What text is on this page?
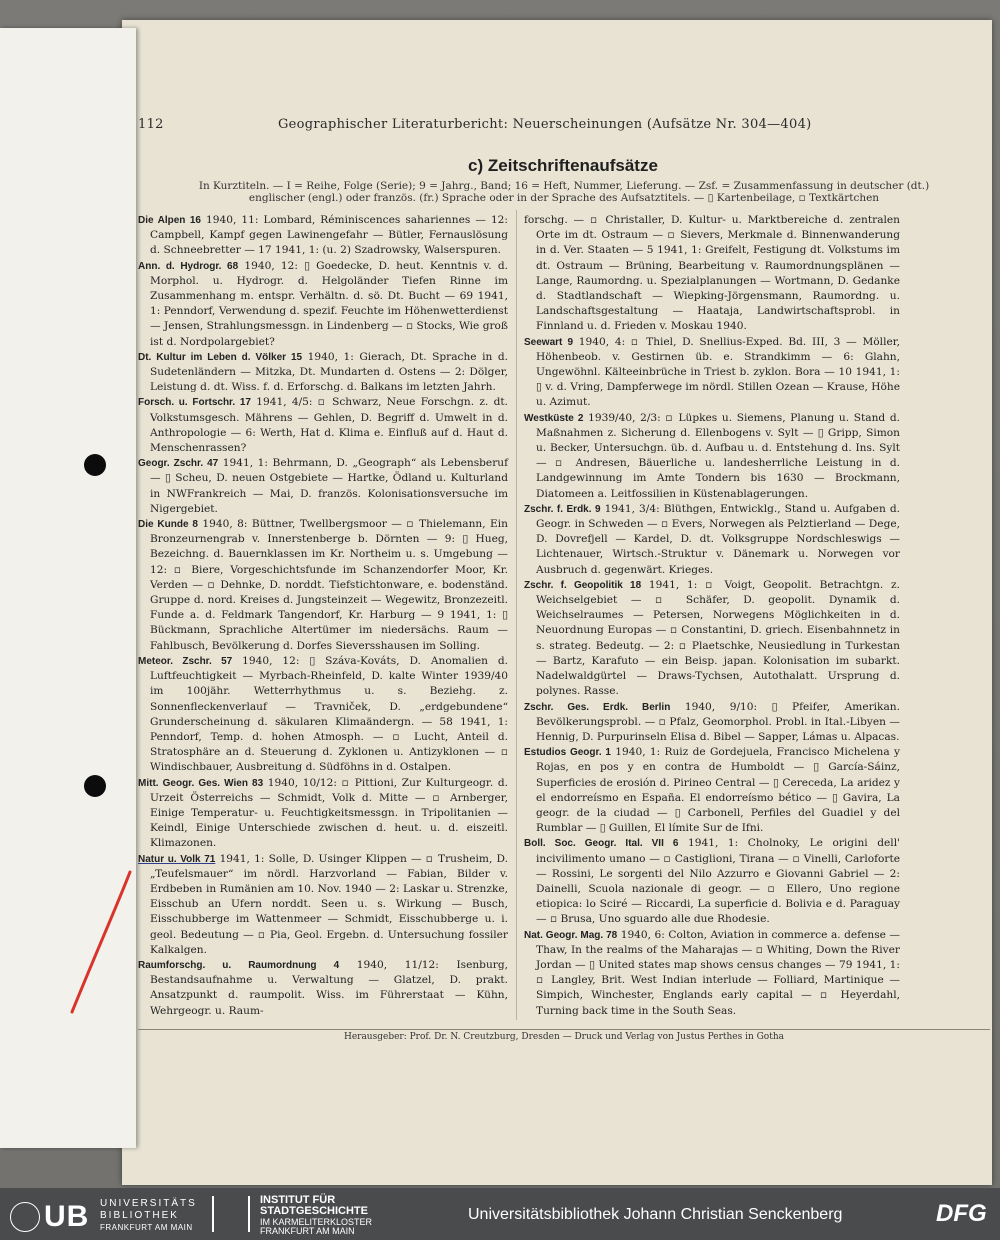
112	Geographischer Literaturbericht: Neuerscheinungen (Aufsätze Nr. 304—404)
c) Zeitschriftenaufsätze
In Kurztiteln. — I = Reihe, Folge (Serie); 9 = Jahrg., Band; 16 = Heft, Nummer, Lieferung. — Zsf. = Zusammenfassung in deutscher (dt.)
englischer (engl.) oder französ. (fr.) Sprache oder in der Sprache des Aufsatztitels. — ▯ Kartenbeilage, ▫ Textkärtchen

Die Alpen 16 1940, 11: Lombard, Réminiscences sahariennes — 12: Campbell, Kampf gegen Lawinengefahr — Bütler, Fernauslösung d. Schneebretter — 17 1941, 1: (u. 2) Szadrowsky, Walserspuren.

Ann. d. Hydrogr. 68 1940, 12: ▯ Goedecke, D. heut. Kenntnis v. d. Morphol. u. Hydrogr. d. Helgoländer Tiefen Rinne im Zusammenhang m. entspr. Verhältn. d. sö. Dt. Bucht — 69 1941, 1: Penndorf, Verwendung d. spezif. Feuchte im Höhenwetterdienst — Jensen, Strahlungsmessgn. in Lindenberg — ▫ Stocks, Wie groß ist d. Nordpolargebiet?

Dt. Kultur im Leben d. Völker 15 1940, 1: Gierach, Dt. Sprache in d. Sudetenländern — Mitzka, Dt. Mundarten d. Ostens — 2: Dölger, Leistung d. dt. Wiss. f. d. Erforschg. d. Balkans im letzten Jahrh.

Forsch. u. Fortschr. 17 1941, 4/5: ▫ Schwarz, Neue Forschgn. z. dt. Volkstumsgesch. Mährens — Gehlen, D. Begriff d. Umwelt in d. Anthropologie — 6: Werth, Hat d. Klima e. Einfluß auf d. Haut d. Menschenrassen?

Geogr. Zschr. 47 1941, 1: Behrmann, D. „Geograph“ als Lebensberuf — ▯ Scheu, D. neuen Ostgebiete — Hartke, Ödland u. Kulturland in NWFrankreich — Mai, D. französ. Kolonisationsversuche im Nigergebiet.

Die Kunde 8 1940, 8: Büttner, Twellbergsmoor — ▫ Thielemann, Ein Bronzeurnengrab v. Innerstenberge b. Dörnten — 9: ▯ Hueg, Bezeichng. d. Bauernklassen im Kr. Northeim u. s. Umgebung — 12: ▫ Biere, Vorgeschichtsfunde im Schanzendorfer Moor, Kr. Verden — ▫ Dehnke, D. norddt. Tiefstichtonware, e. bodenständ. Gruppe d. nord. Kreises d. Jungsteinzeit — Wegewitz, Bronzezeitl. Funde a. d. Feldmark Tangendorf, Kr. Harburg — 9 1941, 1: ▯ Bückmann, Sprachliche Altertümer im niedersächs. Raum — Fahlbusch, Bevölkerung d. Dorfes Sieversshausen im Solling.

Meteor. Zschr. 57 1940, 12: ▯ Száva-Kováts, D. Anomalien d. Luftfeuchtigkeit — Myrbach-Rheinfeld, D. kalte Winter 1939/40 im 100jähr. Wetterrhythmus u. s. Beziehg. z. Sonnenfleckenverlauf — Travniček, D. „erdgebundene“ Grunderscheinung d. säkularen Klimaändergn. — 58 1941, 1: Penndorf, Temp. d. hohen Atmosph. — ▫ Lucht, Anteil d. Stratosphäre an d. Steuerung d. Zyklonen u. Antizyklonen — ▫ Windischbauer, Ausbreitung d. Südföhns in d. Ostalpen.

Mitt. Geogr. Ges. Wien 83 1940, 10/12: ▫ Pittioni, Zur Kulturgeogr. d. Urzeit Österreichs — Schmidt, Volk d. Mitte — ▫ Arnberger, Einige Temperatur- u. Feuchtigkeitsmessgn. in Tripolitanien — Keindl, Einige Unterschiede zwischen d. heut. u. d. eiszeitl. Klimazonen.

Natur u. Volk 71 1941, 1: Solle, D. Usinger Klippen — ▫ Trusheim, D. „Teufelsmauer“ im nördl. Harzvorland — Fabian, Bilder v. Erdbeben in Rumänien am 10. Nov. 1940 — 2: Laskar u. Strenzke, Eisschub an Ufern norddt. Seen u. s. Wirkung — Busch, Eisschubberge im Wattenmeer — Schmidt, Eisschubberge u. i. geol. Bedeutung — ▫ Pia, Geol. Ergebn. d. Untersuchung fossiler Kalkalgen.

Raumforschg. u. Raumordnung 4 1940, 11/12: Isenburg, Bestandsaufnahme u. Verwaltung — Glatzel, D. prakt. Ansatzpunkt d. raumpolit. Wiss. im Führerstaat — Kühn, Wehrgeogr. u. Raum-

forschg. — ▫ Christaller, D. Kultur- u. Marktbereiche d. zentralen Orte im dt. Ostraum — ▫ Sievers, Merkmale d. Binnenwanderung in d. Ver. Staaten — 5 1941, 1: Greifelt, Festigung dt. Volkstums im dt. Ostraum — Brüning, Bearbeitung v. Raumordnungsplänen — Lange, Raumordng. u. Spezialplanungen — Wortmann, D. Gedanke d. Stadtlandschaft — Wiepking-Jörgensmann, Raumordng. u. Landschaftsgestaltung — Haataja, Landwirtschaftsprobl. in Finnland u. d. Frieden v. Moskau 1940.

Seewart 9 1940, 4: ▫ Thiel, D. Snellius-Exped. Bd. III, 3 — Möller, Höhenbeob. v. Gestirnen üb. e. Strandkimm — 6: Glahn, Ungewöhnl. Kälteeinbrüche in Triest b. zyklon. Bora — 10 1941, 1: ▯ v. d. Vring, Dampferwege im nördl. Stillen Ozean — Krause, Höhe u. Azimut.

Westküste 2 1939/40, 2/3: ▫ Lüpkes u. Siemens, Planung u. Stand d. Maßnahmen z. Sicherung d. Ellenbogens v. Sylt — ▯ Gripp, Simon u. Becker, Untersuchgn. üb. d. Aufbau u. d. Entstehung d. Ins. Sylt — ▫ Andresen, Bäuerliche u. landesherrliche Leistung in d. Landgewinnung im Amte Tondern bis 1630 — Brockmann, Diatomeen a. Leitfossilien in Küstenablagerungen.

Zschr. f. Erdk. 9 1941, 3/4: Blüthgen, Entwicklg., Stand u. Aufgaben d. Geogr. in Schweden — ▫ Evers, Norwegen als Pelztierland — Dege, D. Dovrefjell — Kardel, D. dt. Volksgruppe Nordschleswigs — Lichtenauer, Wirtsch.-Struktur v. Dänemark u. Norwegen vor Ausbruch d. gegenwärt. Krieges.

Zschr. f. Geopolitik 18 1941, 1: ▫ Voigt, Geopolit. Betrachtgn. z. Weichselgebiet — ▫ Schäfer, D. geopolit. Dynamik d. Weichselraumes — Petersen, Norwegens Möglichkeiten in d. Neuordnung Europas — ▫ Constantini, D. griech. Eisenbahnnetz in s. strateg. Bedeutg. — 2: ▫ Plaetschke, Neusiedlung in Turkestan — Bartz, Karafuto — ein Beisp. japan. Kolonisation im subarkt. Nadelwaldgürtel — Draws-Tychsen, Autothalatt. Ursprung d. polynes. Rasse.

Zschr. Ges. Erdk. Berlin 1940, 9/10: ▯ Pfeifer, Amerikan. Bevölkerungsprobl. — ▫ Pfalz, Geomorphol. Probl. in Ital.-Libyen — Hennig, D. Purpurinseln Elisa d. Bibel — Sapper, Lámas u. Alpacas.

Estudios Geogr. 1 1940, 1: Ruiz de Gordejuela, Francisco Michelena y Rojas, en pos y en contra de Humboldt — ▯ García-Sáinz, Superficies de erosión d. Pirineo Central — ▯ Cereceda, La aridez y el endorreísmo en España. El endorreísmo bético — ▯ Gavira, La geogr. de la ciudad — ▯ Carbonell, Perfiles del Guadiel y del Rumblar — ▯ Guillen, El límite Sur de Ifni.

Boll. Soc. Geogr. Ital. VII 6 1941, 1: Cholnoky, Le origini dell' incivilimento umano — ▫ Castiglioni, Tirana — ▫ Vinelli, Carloforte — Rossini, Le sorgenti del Nilo Azzurro e Giovanni Gabriel — 2: Dainelli, Scuola nazionale di geogr. — ▫ Ellero, Uno regione etiopica: lo Sciré — Riccardi, La superficie d. Bolivia e d. Paraguay — ▫ Brusa, Uno sguardo alle due Rhodesie.

Nat. Geogr. Mag. 78 1940, 6: Colton, Aviation in commerce a. defense — Thaw, In the realms of the Maharajas — ▫ Whiting, Down the River Jordan — ▯ United states map shows census changes — 79 1941, 1: ▫ Langley, Brit. West Indian interlude — Folliard, Martinique — Simpich, Winchester, Englands early capital — ▫ Heyerdahl, Turning back time in the South Seas.

Herausgeber: Prof. Dr. N. Creutzburg, Dresden — Druck und Verlag von Justus Perthes in Gotha
UB UNIVERSITÄTS
BIBLIOTHEK
FRANKFURT AM MAIN
INSTITUT FÜR
STADTGESCHICHTE
IM KARMELITERKLOSTER
FRANKFURT AM MAIN
Universitätsbibliothek Johann Christian Senckenberg	DFG
